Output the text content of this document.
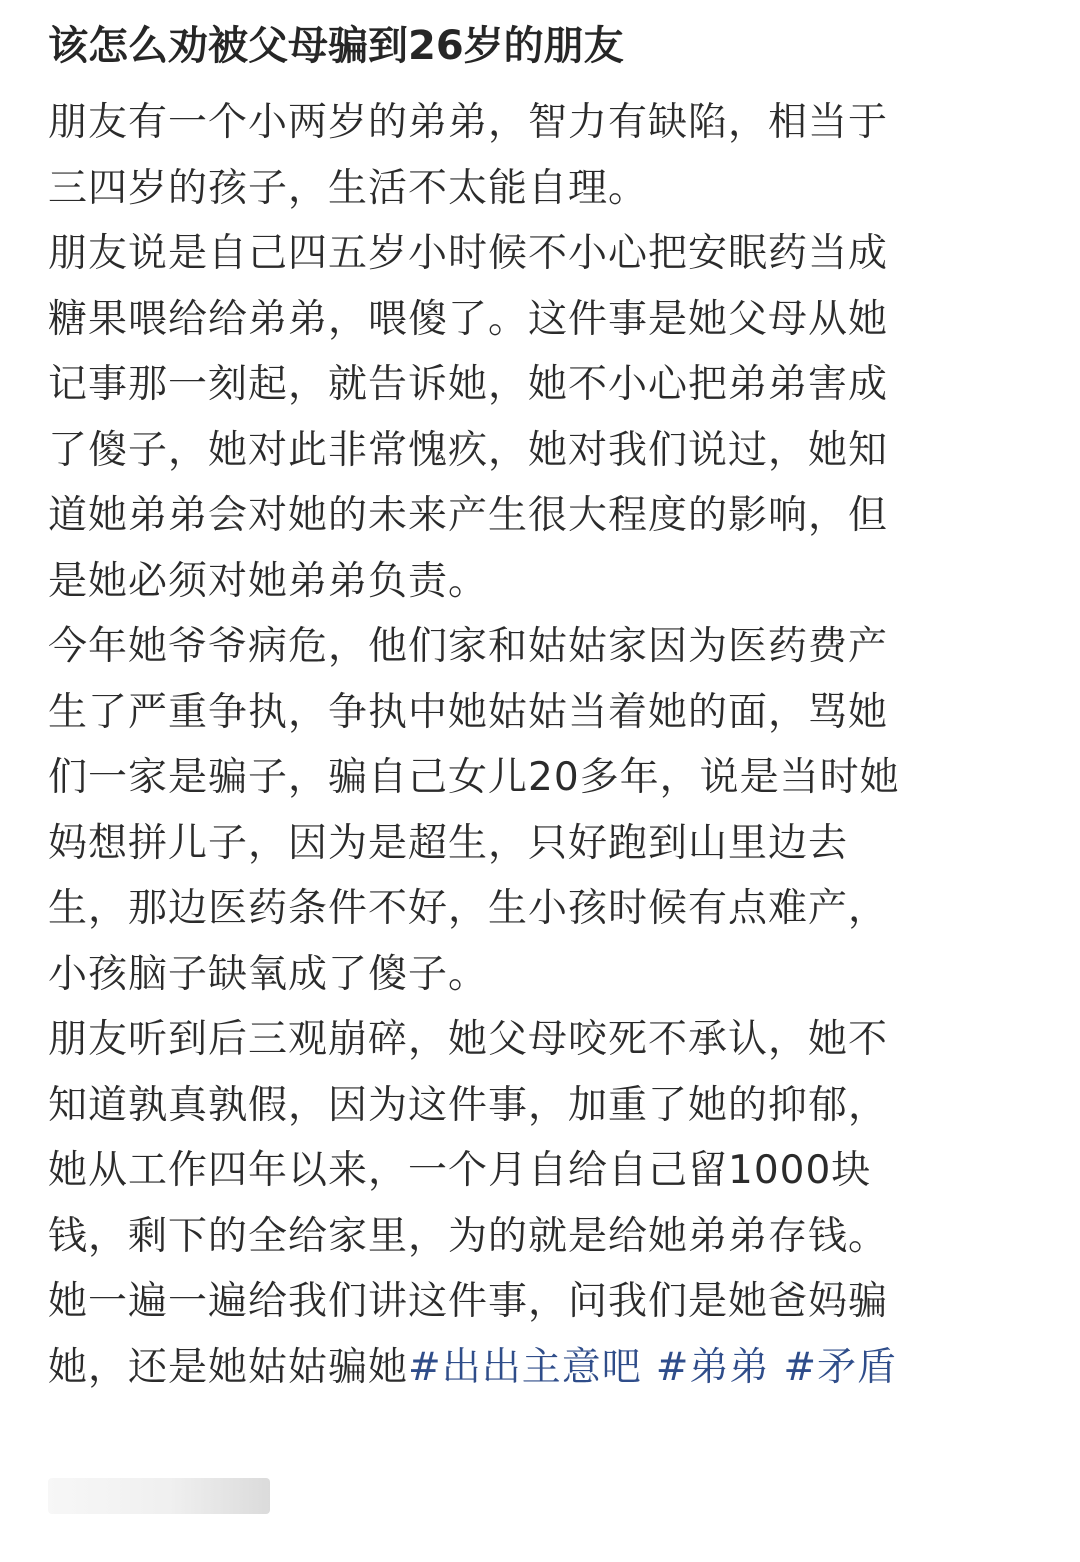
该怎么劝被父母骗到26岁的朋友
朋友有一个小两岁的弟弟，智力有缺陷，相当于
三四岁的孩子，生活不太能自理。
朋友说是自己四五岁小时候不小心把安眠药当成
糖果喂给给弟弟，喂傻了。这件事是她父母从她
记事那一刻起，就告诉她，她不小心把弟弟害成
了傻子，她对此非常愧疚，她对我们说过，她知
道她弟弟会对她的未来产生很大程度的影响，但
是她必须对她弟弟负责。
今年她爷爷病危，他们家和姑姑家因为医药费产
生了严重争执，争执中她姑姑当着她的面，骂她
们一家是骗子，骗自己女儿20多年，说是当时她
妈想拼儿子，因为是超生，只好跑到山里边去
生，那边医药条件不好，生小孩时候有点难产，
小孩脑子缺氧成了傻子。
朋友听到后三观崩碎，她父母咬死不承认，她不
知道孰真孰假，因为这件事，加重了她的抑郁，
她从工作四年以来，一个月自给自己留1000块
钱，剩下的全给家里，为的就是给她弟弟存钱。
她一遍一遍给我们讲这件事，问我们是她爸妈骗
她，还是她姑姑骗她#出出主意吧 #弟弟 #矛盾
